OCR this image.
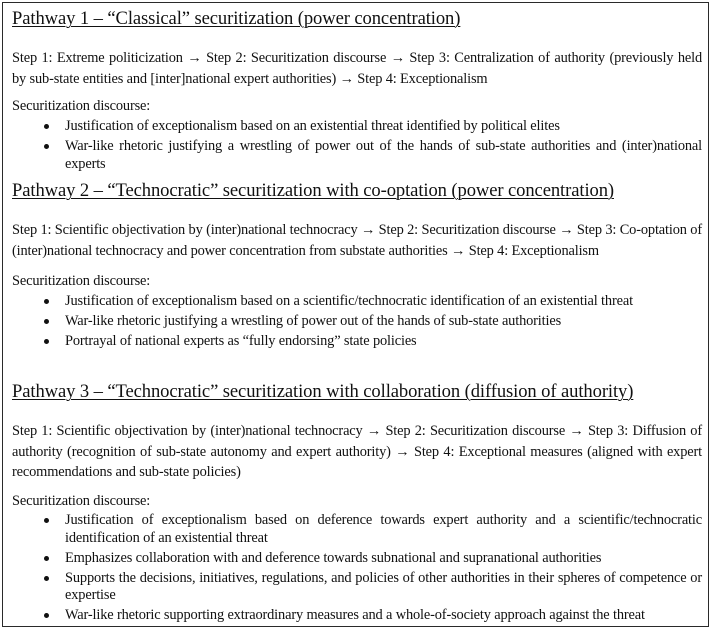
Pathway 1 – “Classical” securitization (power concentration)
Step 1: Extreme politicization → Step 2: Securitization discourse → Step 3: Centralization of authority (previously held by sub-state entities and [inter]national expert authorities) → Step 4: Exceptionalism
Securitization discourse:
Justification of exceptionalism based on an existential threat identified by political elites
War-like rhetoric justifying a wrestling of power out of the hands of sub-state authorities and (inter)national experts
Pathway 2 – “Technocratic” securitization with co-optation (power concentration)
Step 1: Scientific objectivation by (inter)national technocracy → Step 2: Securitization discourse → Step 3: Co-optation of (inter)national technocracy and power concentration from substate authorities → Step 4: Exceptionalism
Securitization discourse:
Justification of exceptionalism based on a scientific/technocratic identification of an existential threat
War-like rhetoric justifying a wrestling of power out of the hands of sub-state authorities
Portrayal of national experts as “fully endorsing” state policies
Pathway 3 – “Technocratic” securitization with collaboration (diffusion of authority)
Step 1: Scientific objectivation by (inter)national technocracy → Step 2: Securitization discourse → Step 3: Diffusion of authority (recognition of sub-state autonomy and expert authority) → Step 4: Exceptional measures (aligned with expert recommendations and sub-state policies)
Securitization discourse:
Justification of exceptionalism based on deference towards expert authority and a scientific/technocratic identification of an existential threat
Emphasizes collaboration with and deference towards subnational and supranational authorities
Supports the decisions, initiatives, regulations, and policies of other authorities in their spheres of competence or expertise
War-like rhetoric supporting extraordinary measures and a whole-of-society approach against the threat
